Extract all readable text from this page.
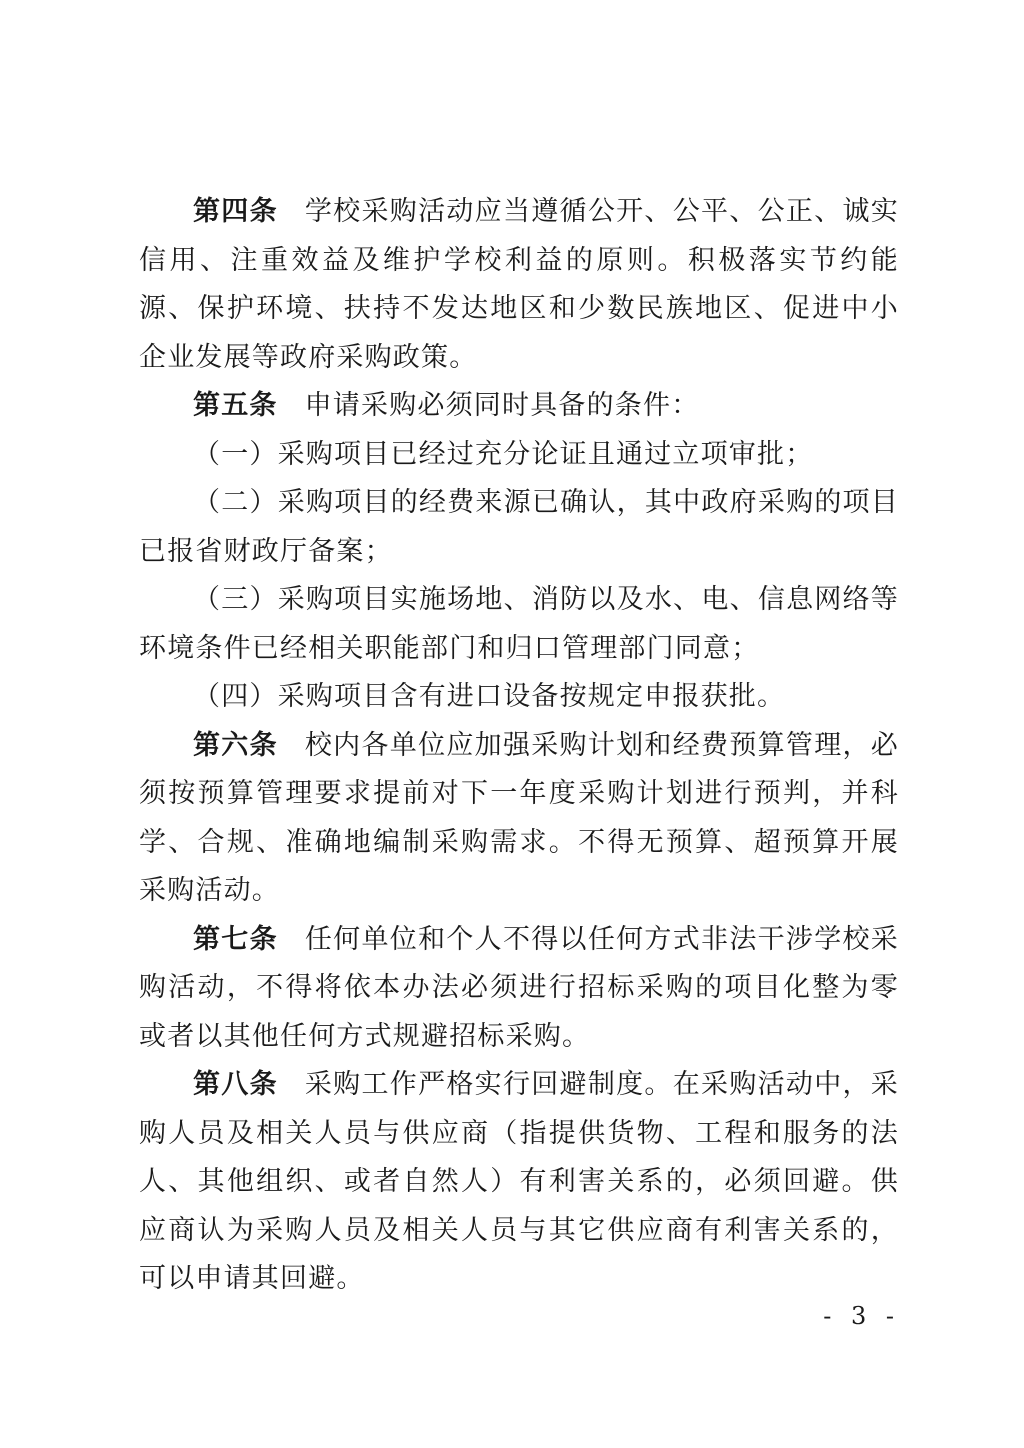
第四条 学校采购活动应当遵循公开、公平、公正、诚实信用、注重效益及维护学校利益的原则。积极落实节约能源、保护环境、扶持不发达地区和少数民族地区、促进中小企业发展等政府采购政策。

第五条 申请采购必须同时具备的条件：

（一）采购项目已经过充分论证且通过立项审批；

（二）采购项目的经费来源已确认，其中政府采购的项目已报省财政厅备案；

（三）采购项目实施场地、消防以及水、电、信息网络等环境条件已经相关职能部门和归口管理部门同意；

（四）采购项目含有进口设备按规定申报获批。

第六条 校内各单位应加强采购计划和经费预算管理，必须按预算管理要求提前对下一年度采购计划进行预判，并科学、合规、准确地编制采购需求。不得无预算、超预算开展采购活动。

第七条 任何单位和个人不得以任何方式非法干涉学校采购活动，不得将依本办法必须进行招标采购的项目化整为零或者以其他任何方式规避招标采购。

第八条 采购工作严格实行回避制度。在采购活动中，采购人员及相关人员与供应商（指提供货物、工程和服务的法人、其他组织、或者自然人）有利害关系的，必须回避。供应商认为采购人员及相关人员与其它供应商有利害关系的，可以申请其回避。

- 3 -
